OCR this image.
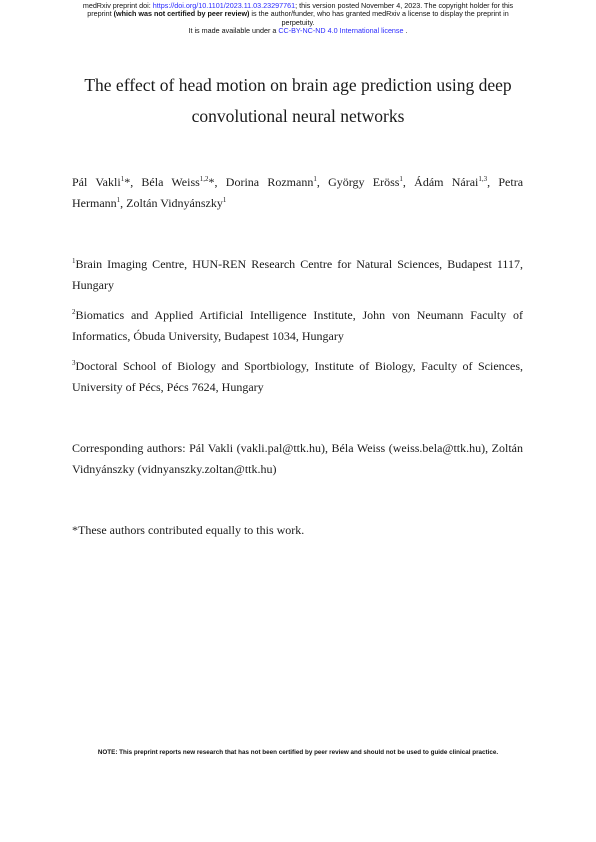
medRxiv preprint doi: https://doi.org/10.1101/2023.11.03.23297761; this version posted November 4, 2023. The copyright holder for this
preprint (which was not certified by peer review) is the author/funder, who has granted medRxiv a license to display the preprint in
perpetuity.
It is made available under a CC-BY-NC-ND 4.0 International license .
The effect of head motion on brain age prediction using deep
convolutional neural networks
Pál Vakli$^1$*, Béla Weiss$^{1,2}$*, Dorina Rozmann$^1$, György Eröss$^1$, Ádám Nárai$^{1,3}$, Petra Hermann$^1$, Zoltán Vidnyánszky$^1$
$^1$Brain Imaging Centre, HUN-REN Research Centre for Natural Sciences, Budapest 1117, Hungary
$^2$Biomatics and Applied Artificial Intelligence Institute, John von Neumann Faculty of Informatics, Óbuda University, Budapest 1034, Hungary
$^3$Doctoral School of Biology and Sportbiology, Institute of Biology, Faculty of Sciences, University of Pécs, Pécs 7624, Hungary
Corresponding authors: Pál Vakli (vakli.pal@ttk.hu), Béla Weiss (weiss.bela@ttk.hu), Zoltán Vidnyánszky (vidnyanszky.zoltan@ttk.hu)
*These authors contributed equally to this work.
NOTE: This preprint reports new research that has not been certified by peer review and should not be used to guide clinical practice.
